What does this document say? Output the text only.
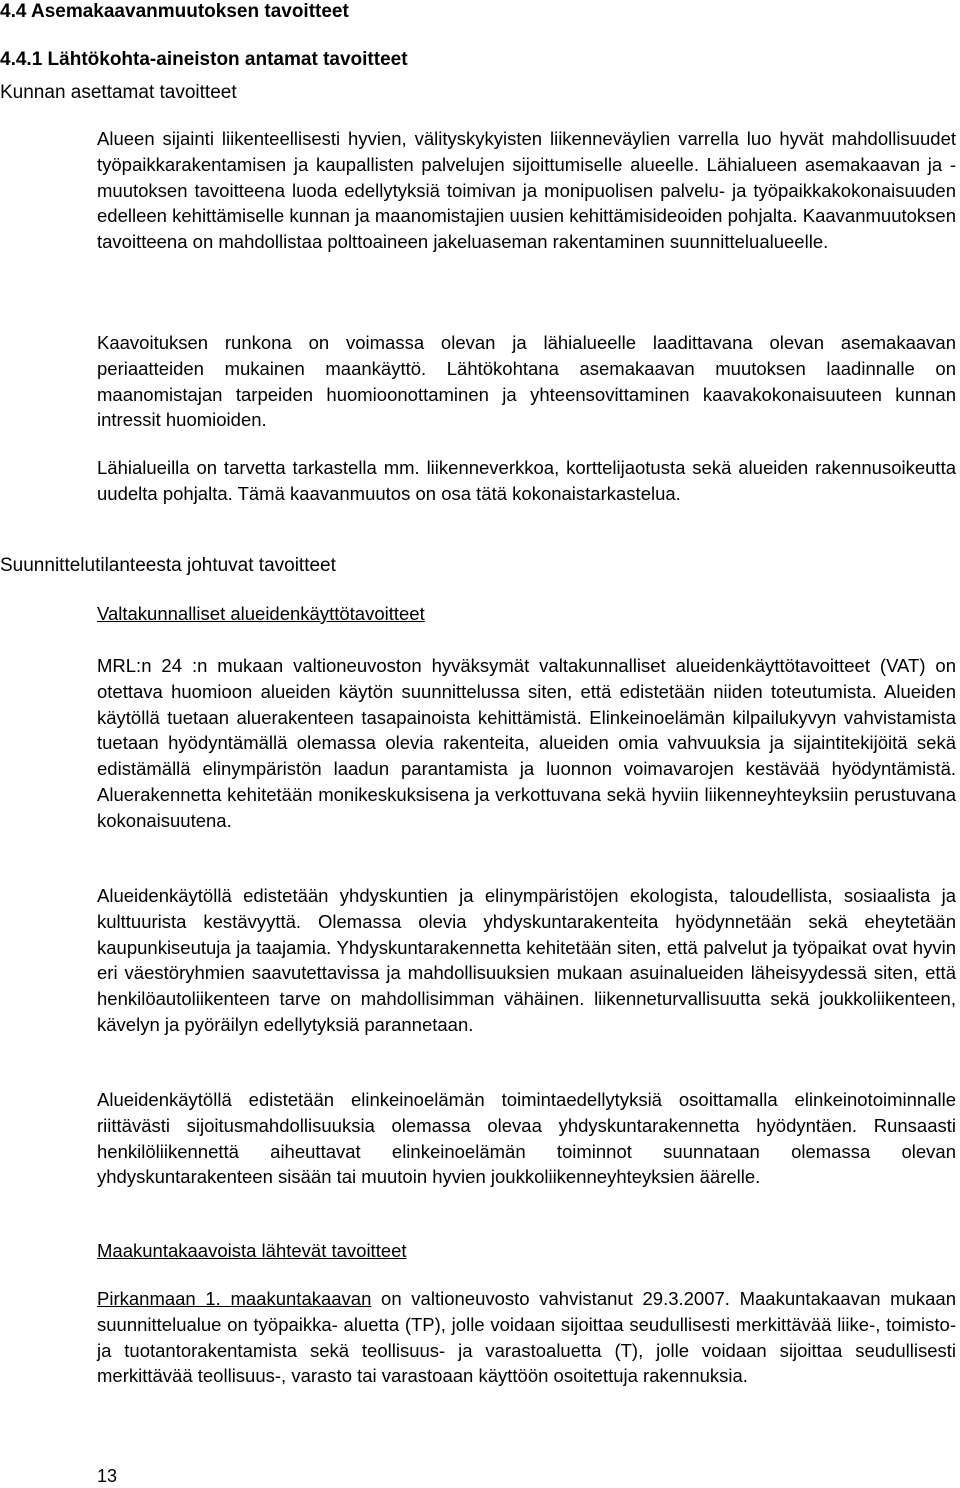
4.4 Asemakaavanmuutoksen tavoitteet

4.4.1 Lähtökohta-aineiston antamat tavoitteet

Kunnan asettamat tavoitteet

Alueen sijainti liikenteellisesti hyvien, välityskykyisten liikenneväylien varrella luo hyvät mahdollisuudet työpaikkarakentamisen ja kaupallisten palvelujen sijoittumiselle alueelle. Lähialueen asemakaavan ja -muutoksen tavoitteena luoda edellytyksiä toimivan ja monipuolisen palvelu- ja työpaikkakokonaisuuden edelleen kehittämiselle kunnan ja maanomistajien uusien kehittämisideoiden pohjalta. Kaavanmuutoksen tavoitteena on mahdollistaa polttoaineen jakeluaseman rakentaminen suunnittelualueelle.

Kaavoituksen runkona on voimassa olevan ja lähialueelle laadittavana olevan asemakaavan periaatteiden mukainen maankäyttö. Lähtökohtana asemakaavan muutoksen laadinnalle on maanomistajan tarpeiden huomioonottaminen ja yhteensovittaminen kaavakokonaisuuteen kunnan intressit huomioiden.

Lähialueilla on tarvetta tarkastella mm. liikenneverkkoa, korttelijaotusta sekä alueiden rakennusoikeutta uudelta pohjalta. Tämä kaavanmuutos on osa tätä kokonaistarkastelua.

Suunnittelutilanteesta johtuvat tavoitteet

Valtakunnalliset alueidenkäyttötavoitteet

MRL:n 24 :n mukaan valtioneuvoston hyväksymät valtakunnalliset alueidenkäyttötavoitteet (VAT) on otettava huomioon alueiden käytön suunnittelussa siten, että edistetään niiden toteutumista. Alueiden käytöllä tuetaan aluerakenteen tasapainoista kehittämistä. Elinkeinoelämän kilpailukyvyn vahvistamista tuetaan hyödyntämällä olemassa olevia rakenteita, alueiden omia vahvuuksia ja sijaintitekijöitä sekä edistämällä elinympäristön laadun parantamista ja luonnon voimavarojen kestävää hyödyntämistä. Aluerakennetta kehitetään monikeskuksisena ja verkottuvana sekä hyviin liikenneyhteyksiin perustuvana kokonaisuutena.

Alueidenkäytöllä edistetään yhdyskuntien ja elinympäristöjen ekologista, taloudellista, sosiaalista ja kulttuurista kestävyyttä. Olemassa olevia yhdyskuntarakenteita hyödynnetään sekä eheytetään kaupunkiseutuja ja taajamia. Yhdyskuntarakennetta kehitetään siten, että palvelut ja työpaikat ovat hyvin eri väestöryhmien saavutettavissa ja mahdollisuuksien mukaan asuinalueiden läheisyydessä siten, että henkilöautoliikenteen tarve on mahdollisimman vähäinen. liikenneturvallisuutta sekä joukkoliikenteen, kävelyn ja pyöräilyn edellytyksiä parannetaan.

Alueidenkäytöllä edistetään elinkeinoelämän toimintaedellytyksiä osoittamalla elinkeinotoiminnalle riittävästi sijoitusmahdollisuuksia olemassa olevaa yhdyskuntarakennetta hyödyntäen. Runsaasti henkilöliikennettä aiheuttavat elinkeinoelämän toiminnot suunnataan olemassa olevan yhdyskuntarakenteen sisään tai muutoin hyvien joukkoliikenneyhteyksien äärelle.

Maakuntakaavoista lähtevät tavoitteet

Pirkanmaan 1. maakuntakaavan on valtioneuvosto vahvistanut 29.3.2007. Maakuntakaavan mukaan suunnittelualue on työpaikka- aluetta (TP), jolle voidaan sijoittaa seudullisesti merkittävää liike-, toimisto- ja tuotantorakentamista sekä teollisuus- ja varastoaluetta (T), jolle voidaan sijoittaa seudullisesti merkittävää teollisuus-, varasto tai varastoaan käyttöön osoitettuja rakennuksia.

13
